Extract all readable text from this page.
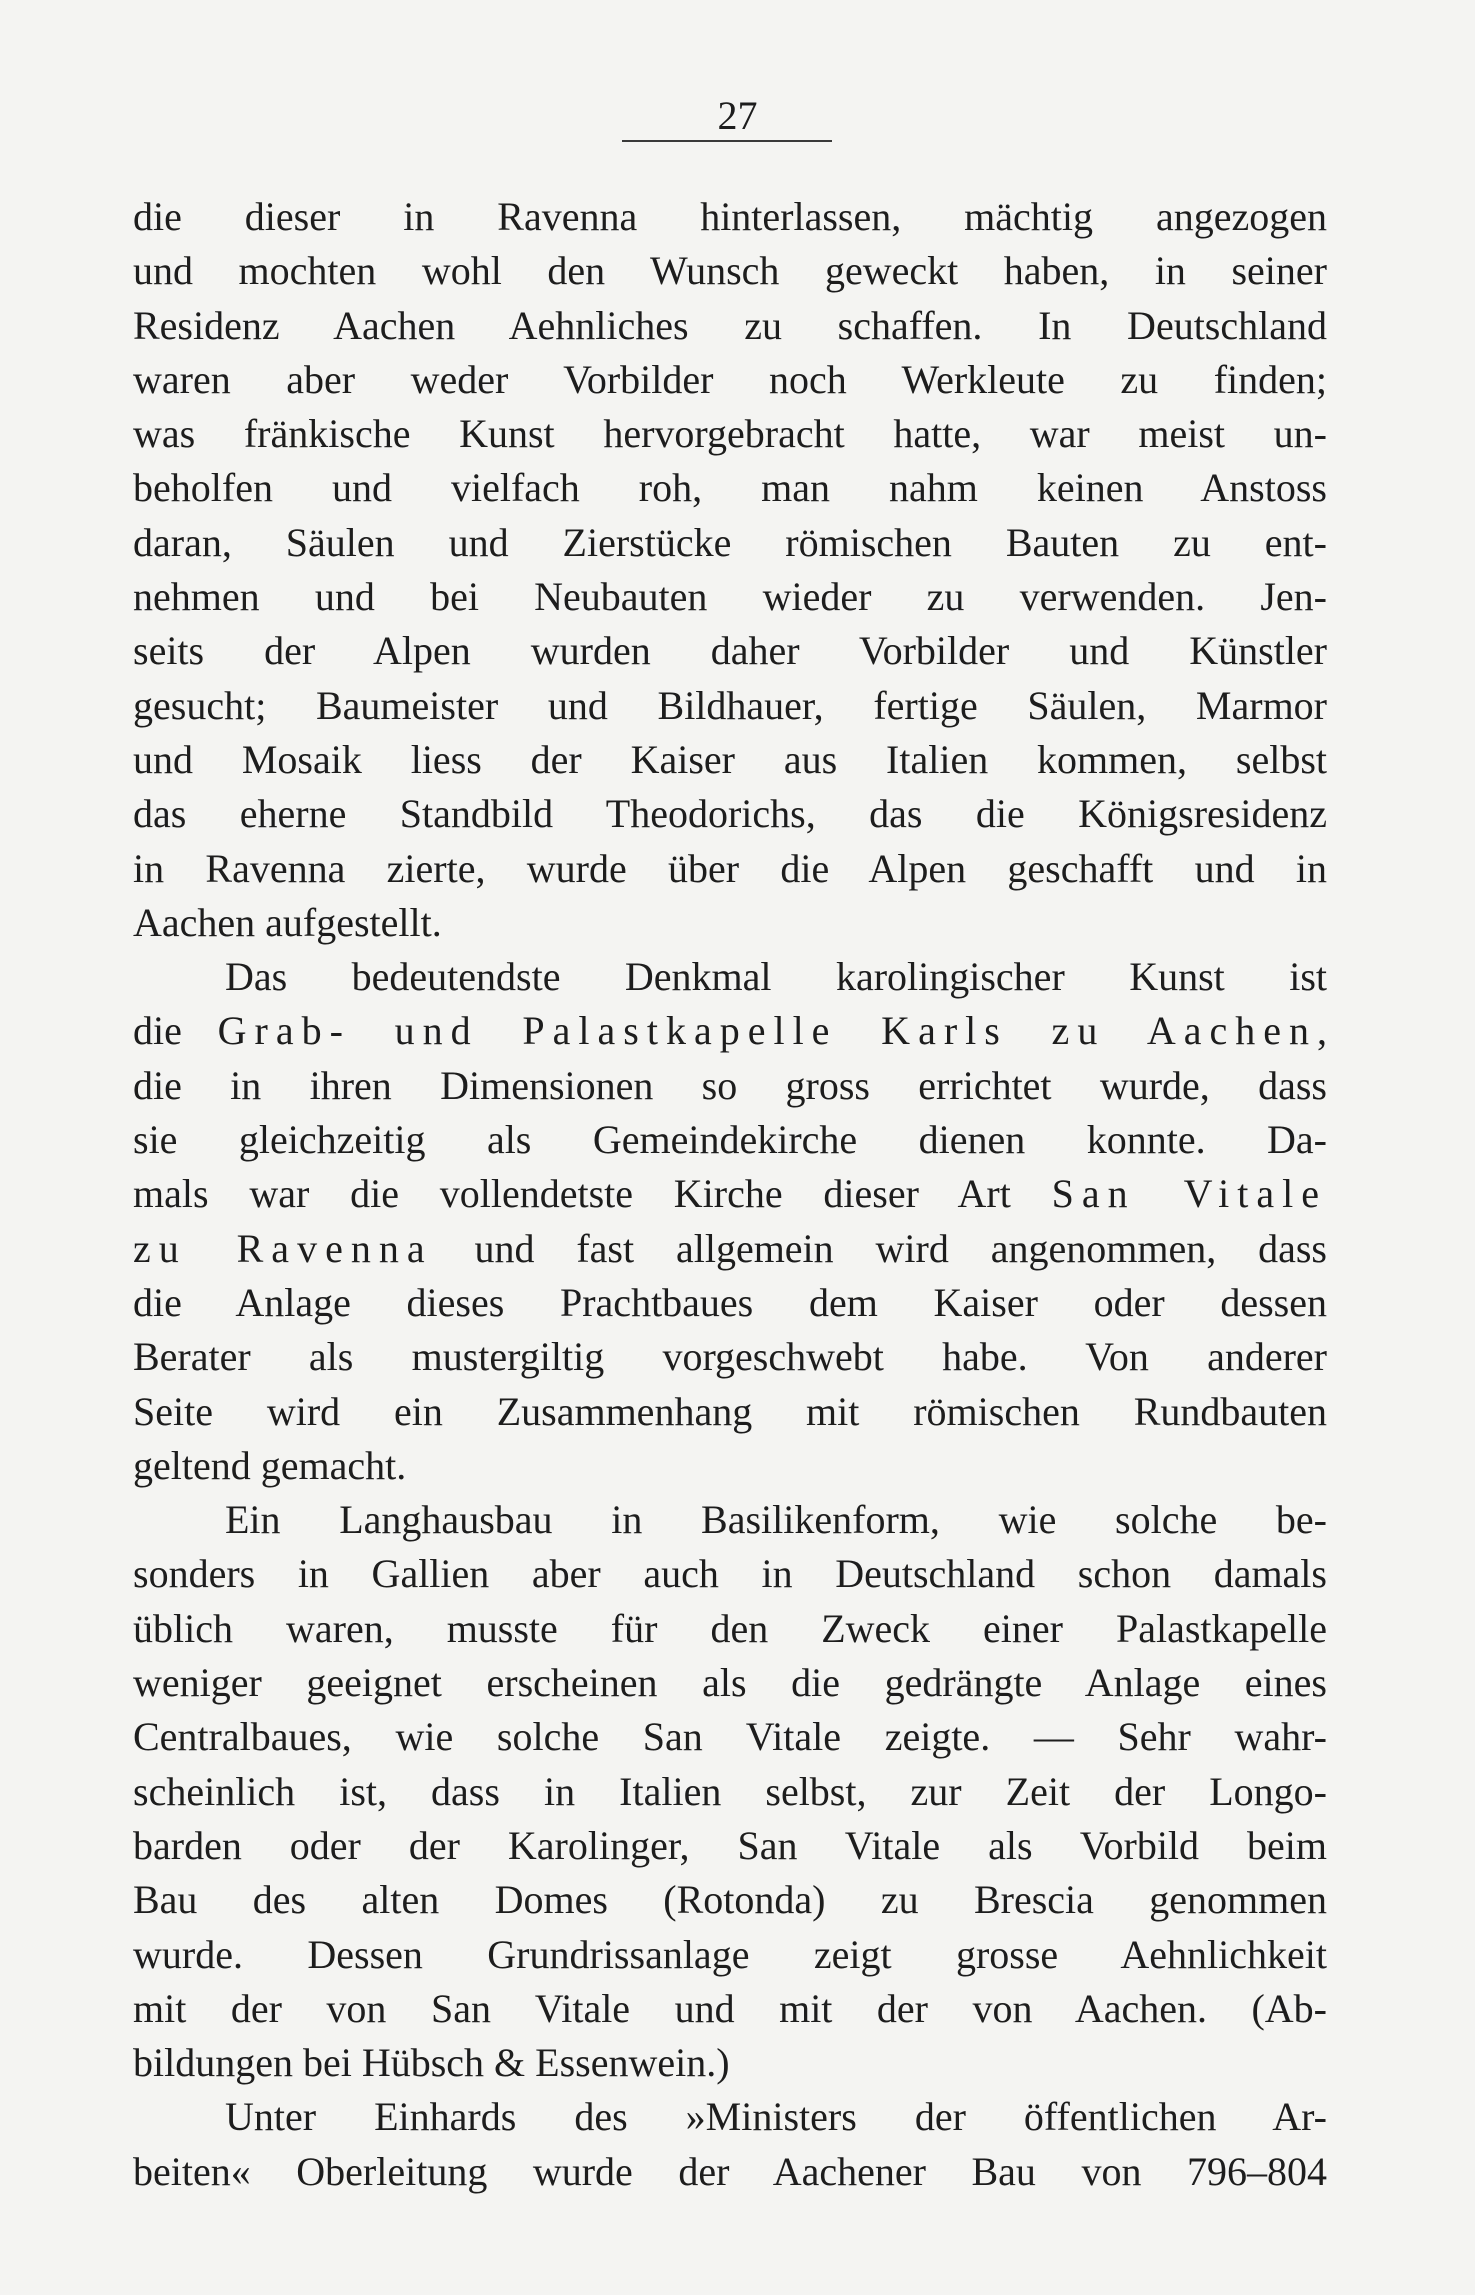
27
die dieser in Ravenna hinterlassen, mächtig angezogen
und mochten wohl den Wunsch geweckt haben, in seiner
Residenz Aachen Aehnliches zu schaffen. In Deutschland
waren aber weder Vorbilder noch Werkleute zu finden;
was fränkische Kunst hervorgebracht hatte, war meist un-
beholfen und vielfach roh, man nahm keinen Anstoss
daran, Säulen und Zierstücke römischen Bauten zu ent-
nehmen und bei Neubauten wieder zu verwenden. Jen-
seits der Alpen wurden daher Vorbilder und Künstler
gesucht; Baumeister und Bildhauer, fertige Säulen, Marmor
und Mosaik liess der Kaiser aus Italien kommen, selbst
das eherne Standbild Theodorichs, das die Königsresidenz
in Ravenna zierte, wurde über die Alpen geschafft und in
Aachen aufgestellt.
Das bedeutendste Denkmal karolingischer Kunst ist
die Grab- und Palastkapelle Karls zu Aachen,
die in ihren Dimensionen so gross errichtet wurde, dass
sie gleichzeitig als Gemeindekirche dienen konnte. Da-
mals war die vollendetste Kirche dieser Art San Vitale
zu Ravenna und fast allgemein wird angenommen, dass
die Anlage dieses Prachtbaues dem Kaiser oder dessen
Berater als mustergiltig vorgeschwebt habe. Von anderer
Seite wird ein Zusammenhang mit römischen Rundbauten
geltend gemacht.
Ein Langhausbau in Basilikenform, wie solche be-
sonders in Gallien aber auch in Deutschland schon damals
üblich waren, musste für den Zweck einer Palastkapelle
weniger geeignet erscheinen als die gedrängte Anlage eines
Centralbaues, wie solche San Vitale zeigte. — Sehr wahr-
scheinlich ist, dass in Italien selbst, zur Zeit der Longo-
barden oder der Karolinger, San Vitale als Vorbild beim
Bau des alten Domes (Rotonda) zu Brescia genommen
wurde. Dessen Grundrissanlage zeigt grosse Aehnlichkeit
mit der von San Vitale und mit der von Aachen. (Ab-
bildungen bei Hübsch & Essenwein.)
Unter Einhards des »Ministers der öffentlichen Ar-
beiten« Oberleitung wurde der Aachener Bau von 796–804
